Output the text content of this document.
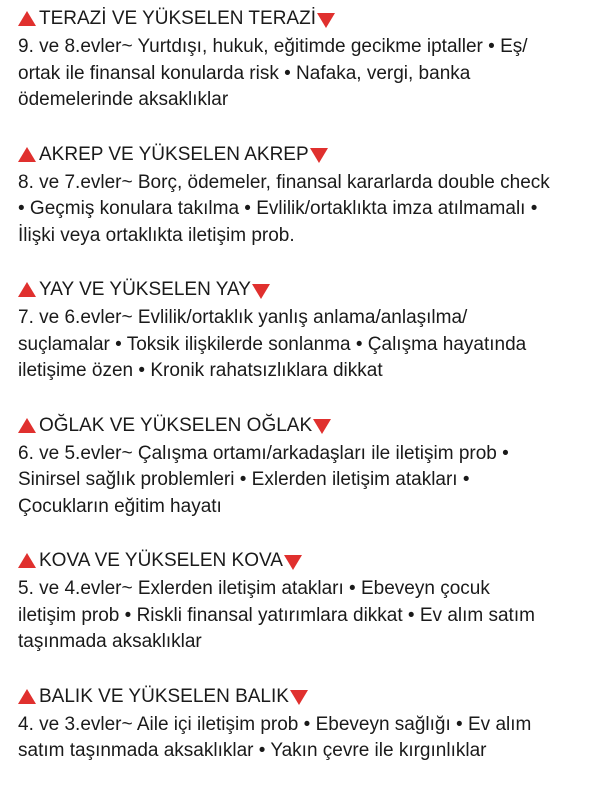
TERAZİ VE YÜKSELEN TERAZİ
9. ve 8.evler~ Yurtdışı, hukuk, eğitimde gecikme iptaller • Eş/
ortak ile finansal konularda risk • Nafaka, vergi, banka
ödemelerinde aksaklıklar
AKREP VE YÜKSELEN AKREP
8. ve 7.evler~ Borç, ödemeler, finansal kararlarda double check
• Geçmiş konulara takılma • Evlilik/ortaklıkta imza atılmamalı •
İlişki veya ortaklıkta iletişim prob.
YAY VE YÜKSELEN YAY
7. ve 6.evler~ Evlilik/ortaklık yanlış anlama/anlaşılma/
suçlamalar • Toksik ilişkilerde sonlanma • Çalışma hayatında
iletişime özen • Kronik rahatsızlıklara dikkat
OĞLAK VE YÜKSELEN OĞLAK
6. ve 5.evler~ Çalışma ortamı/arkadaşları ile iletişim prob •
Sinirsel sağlık problemleri • Exlerden iletişim atakları •
Çocukların eğitim hayatı
KOVA VE YÜKSELEN KOVA
5. ve 4.evler~ Exlerden iletişim atakları • Ebeveyn çocuk
iletişim prob • Riskli finansal yatırımlara dikkat • Ev alım satım
taşınmada aksaklıklar
BALIK VE YÜKSELEN BALIK
4. ve 3.evler~ Aile içi iletişim prob • Ebeveyn sağlığı • Ev alım
satım taşınmada aksaklıklar • Yakın çevre ile kırgınlıklar
